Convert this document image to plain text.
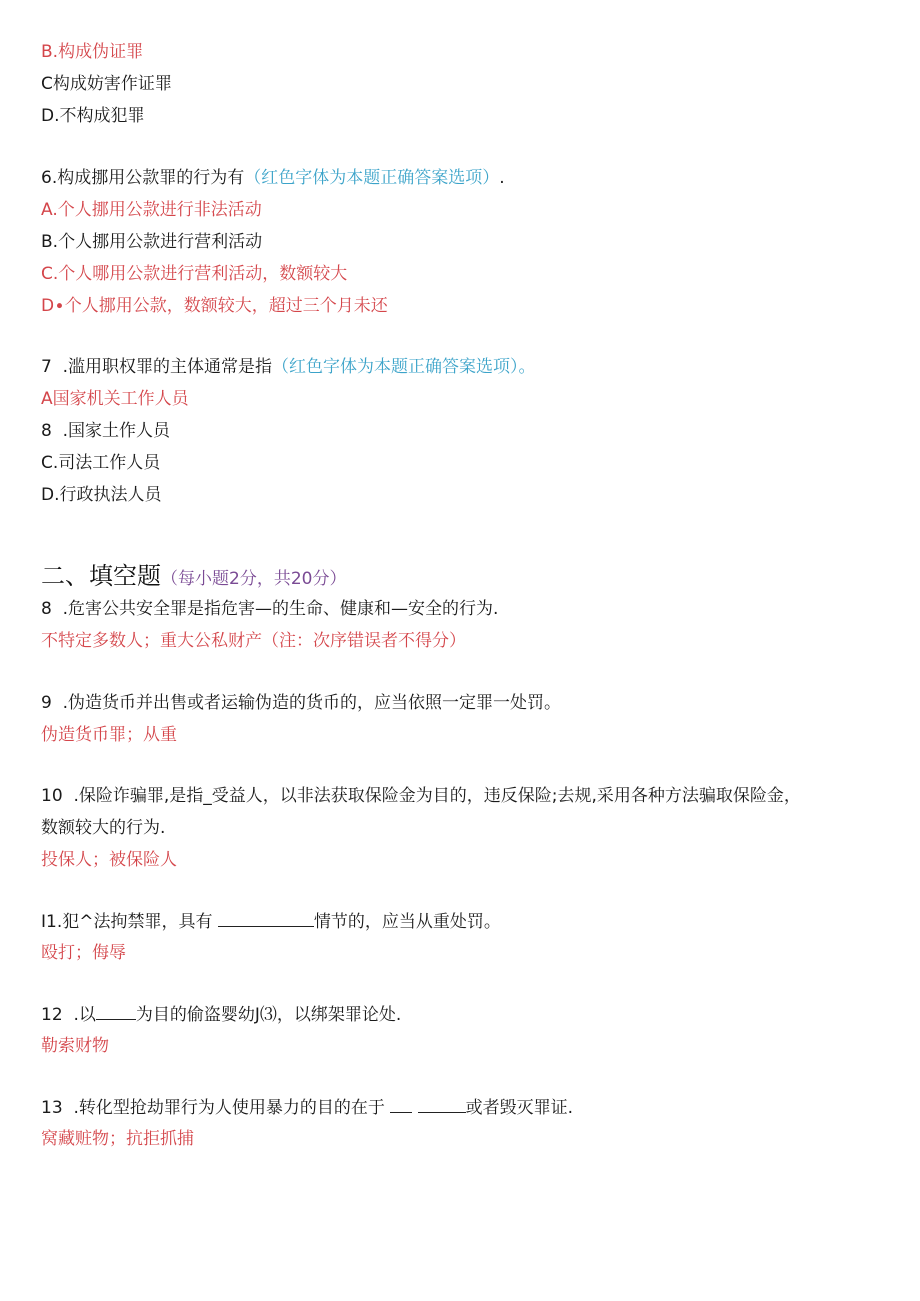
B.构成伪证罪
C构成妨害作证罪
D.不构成犯罪
6.构成挪用公款罪的行为有（红色字体为本题正确答案选项）.
A.个人挪用公款进行非法活动
B.个人挪用公款进行营利活动
C.个人哪用公款进行营利活动，数额较大
D∙个人挪用公款，数额较大，超过三个月未还
7  .滥用职权罪的主体通常是指（红色字体为本题正确答案选项）。
A国家机关工作人员
8  .国家土作人员
C.司法工作人员
D.行政执法人员
二、填空题（每小题2分，共20分）
8  .危害公共安全罪是指危害—的生命、健康和—安全的行为.
不特定多数人；重大公私财产（注：次序错误者不得分）
9  .伪造货币并出售或者运输伪造的货币的，应当依照一定罪一处罚。
伪造货币罪；从重
10  .保险诈骗罪,是指_受益人，以非法获取保险金为目的，违反保险;去规,采用各种方法骗取保险金，
数额较大的行为.
投保人；被保险人
I1.犯^法拘禁罪，具有	情节的，应当从重处罚。
殴打；侮辱
12  .以 为目的偷盗婴幼J⑶，以绑架罪论处.
勒索财物
13  .转化型抢劫罪行为人使用暴力的目的在于	或者毁灭罪证.
窝藏赃物；抗拒抓捕
